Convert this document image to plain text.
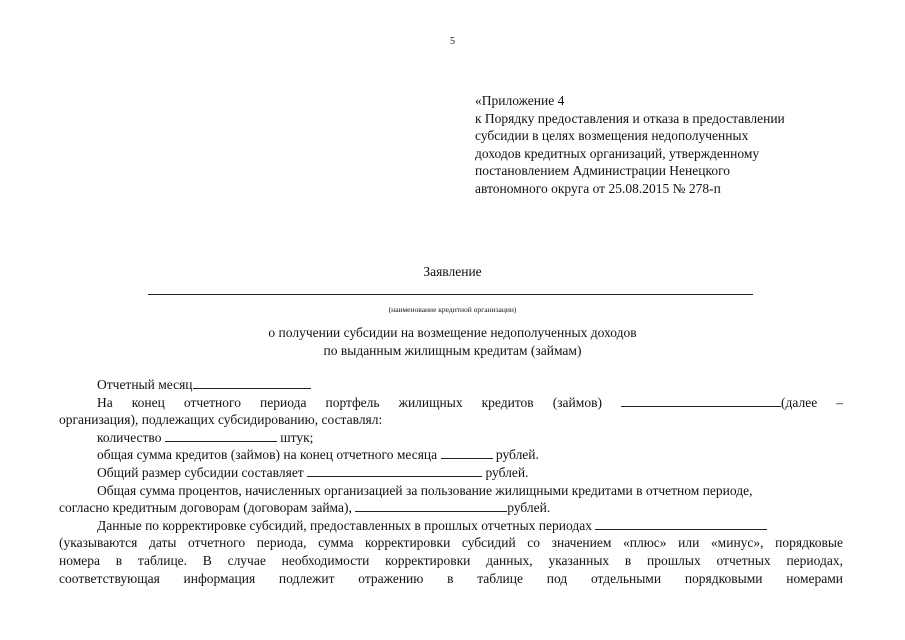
5
«Приложение 4
к Порядку предоставления и отказа в предоставлении
субсидии в целях возмещения недополученных
доходов кредитных организаций, утвержденному
постановлением Администрации Ненецкого
автономного округа от 25.08.2015 № 278-п
Заявление
(наименование кредитной организации)
о получении субсидии на возмещение недополученных доходов
по выданным жилищным кредитам (займам)

Отчетный месяц

На конец отчетного периода портфель жилищных кредитов (займов)	(далее –

организация), подлежащих субсидированию, составлял:

количество	штук;

общая сумма кредитов (займов) на конец отчетного месяца	рублей.

Общий размер субсидии составляет	рублей.

Общая сумма процентов, начисленных организацией за пользование жилищными кредитами в отчетном периоде,

согласно кредитным договорам (договорам займа),	рублей.

Данные по корректировке субсидий, предоставленных в прошлых отчетных периодах

(указываются даты отчетного периода, сумма корректировки субсидий со значением «плюс» или «минус», порядковые

номера в таблице. В случае необходимости корректировки данных, указанных в прошлых отчетных периодах,

соответствующая информация подлежит отражению в таблице под отдельными порядковыми номерами
